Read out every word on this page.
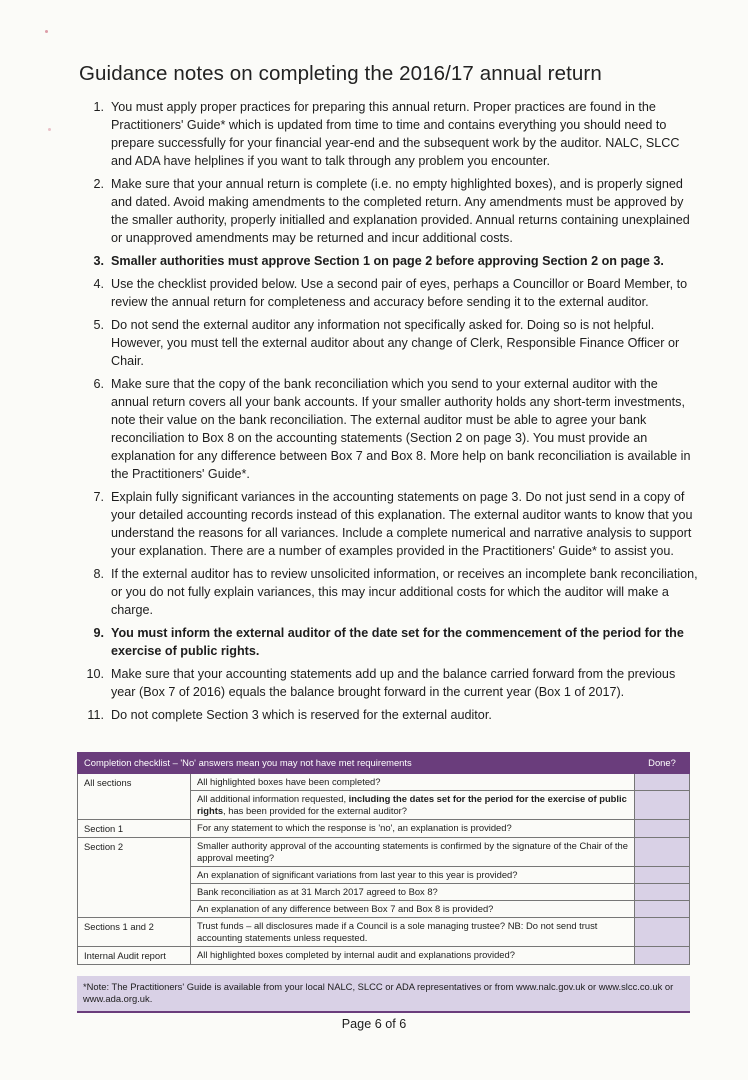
Guidance notes on completing the 2016/17 annual return
1. You must apply proper practices for preparing this annual return. Proper practices are found in the Practitioners' Guide* which is updated from time to time and contains everything you should need to prepare successfully for your financial year-end and the subsequent work by the auditor. NALC, SLCC and ADA have helplines if you want to talk through any problem you encounter.
2. Make sure that your annual return is complete (i.e. no empty highlighted boxes), and is properly signed and dated. Avoid making amendments to the completed return. Any amendments must be approved by the smaller authority, properly initialled and explanation provided. Annual returns containing unexplained or unapproved amendments may be returned and incur additional costs.
3. Smaller authorities must approve Section 1 on page 2 before approving Section 2 on page 3.
4. Use the checklist provided below. Use a second pair of eyes, perhaps a Councillor or Board Member, to review the annual return for completeness and accuracy before sending it to the external auditor.
5. Do not send the external auditor any information not specifically asked for. Doing so is not helpful. However, you must tell the external auditor about any change of Clerk, Responsible Finance Officer or Chair.
6. Make sure that the copy of the bank reconciliation which you send to your external auditor with the annual return covers all your bank accounts. If your smaller authority holds any short-term investments, note their value on the bank reconciliation. The external auditor must be able to agree your bank reconciliation to Box 8 on the accounting statements (Section 2 on page 3). You must provide an explanation for any difference between Box 7 and Box 8. More help on bank reconciliation is available in the Practitioners' Guide*.
7. Explain fully significant variances in the accounting statements on page 3. Do not just send in a copy of your detailed accounting records instead of this explanation. The external auditor wants to know that you understand the reasons for all variances. Include a complete numerical and narrative analysis to support your explanation. There are a number of examples provided in the Practitioners' Guide* to assist you.
8. If the external auditor has to review unsolicited information, or receives an incomplete bank reconciliation, or you do not fully explain variances, this may incur additional costs for which the auditor will make a charge.
9. You must inform the external auditor of the date set for the commencement of the period for the exercise of public rights.
10. Make sure that your accounting statements add up and the balance carried forward from the previous year (Box 7 of 2016) equals the balance brought forward in the current year (Box 1 of 2017).
11. Do not complete Section 3 which is reserved for the external auditor.
Completion checklist – 'No' answers mean you may not have met requirements		Done?
All sections	All highlighted boxes have been completed?	
	All additional information requested, including the dates set for the period for the exercise of public rights, has been provided for the external auditor?	
Section 1	For any statement to which the response is 'no', an explanation is provided?	
Section 2	Smaller authority approval of the accounting statements is confirmed by the signature of the Chair of the approval meeting?	
	An explanation of significant variations from last year to this year is provided?	
	Bank reconciliation as at 31 March 2017 agreed to Box 8?	
	An explanation of any difference between Box 7 and Box 8 is provided?	
Sections 1 and 2	Trust funds – all disclosures made if a Council is a sole managing trustee? NB: Do not send trust accounting statements unless requested.	
Internal Audit report	All highlighted boxes completed by internal audit and explanations provided?	
*Note: The Practitioners' Guide is available from your local NALC, SLCC or ADA representatives or from www.nalc.gov.uk or www.slcc.co.uk or www.ada.org.uk.
Page 6 of 6
